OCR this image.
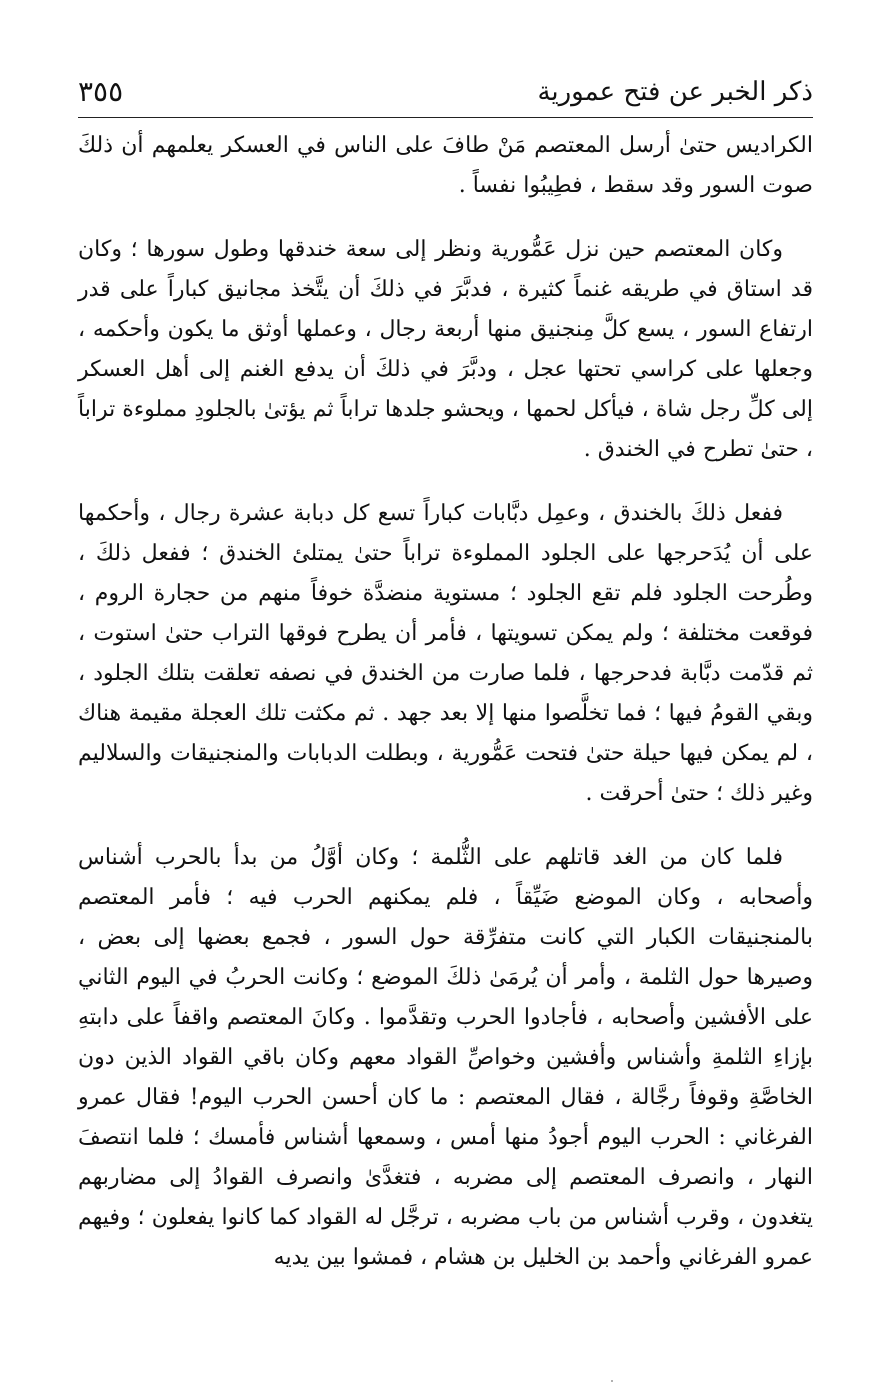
ذكر الخبر عن فتح عمورية
٣٥٥

الكراديس حتىٰ أرسل المعتصم مَنْ طافَ على الناس في العسكر يعلمهم أن ذلكَ صوت السور وقد سقط ، فطِيبُوا نفساً .

وكان المعتصم حين نزل عَمُّورية ونظر إلى سعة خندقها وطول سورها ؛ وكان قد استاق في طريقه غنماً كثيرة ، فدبَّرَ في ذلكَ أن يتَّخذ مجانيق كباراً على قدر ارتفاع السور ، يسع كلَّ مِنجنيق منها أربعة رجال ، وعملها أوثق ما يكون وأحكمه ، وجعلها على كراسي تحتها عجل ، ودبَّرَ في ذلكَ أن يدفع الغنم إلى أهل العسكر إلى كلِّ رجل شاة ، فيأكل لحمها ، ويحشو جلدها تراباً ثم يؤتىٰ بالجلودِ مملوءة تراباً ، حتىٰ تطرح في الخندق .

ففعل ذلكَ بالخندق ، وعمِل دبَّابات كباراً تسع كل دبابة عشرة رجال ، وأحكمها على أن يُدَحرجها على الجلود المملوءة تراباً حتىٰ يمتلئ الخندق ؛ ففعل ذلكَ ، وطُرحت الجلود فلم تقع الجلود ؛ مستوية منضدَّة خوفاً منهم من حجارة الروم ، فوقعت مختلفة ؛ ولم يمكن تسويتها ، فأمر أن يطرح فوقها التراب حتىٰ استوت ، ثم قدّمت دبَّابة فدحرجها ، فلما صارت من الخندق في نصفه تعلقت بتلك الجلود ، وبقي القومُ فيها ؛ فما تخلَّصوا منها إلا بعد جهد . ثم مكثت تلك العجلة مقيمة هناك ، لم يمكن فيها حيلة حتىٰ فتحت عَمُّورية ، وبطلت الدبابات والمنجنيقات والسلاليم وغير ذلك ؛ حتىٰ أحرقت .

فلما كان من الغد قاتلهم على الثُّلمة ؛ وكان أوَّلُ من بدأ بالحرب أشناس وأصحابه ، وكان الموضع ضَيِّقاً ، فلم يمكنهم الحرب فيه ؛ فأمر المعتصم بالمنجنيقات الكبار التي كانت متفرِّقة حول السور ، فجمع بعضها إلى بعض ، وصيرها حول الثلمة ، وأمر أن يُرمَىٰ ذلكَ الموضع ؛ وكانت الحربُ في اليوم الثاني على الأفشين وأصحابه ، فأجادوا الحرب وتقدَّموا . وكانَ المعتصم واقفاً على دابتهِ بإزاءِ الثلمةِ وأشناس وأفشين وخواصِّ القواد معهم وكان باقي القواد الذين دون الخاصَّةِ وقوفاً رجَّالة ، فقال المعتصم : ما كان أحسن الحرب اليوم! فقال عمرو الفرغاني : الحرب اليوم أجودُ منها أمس ، وسمعها أشناس فأمسك ؛ فلما انتصفَ النهار ، وانصرف المعتصم إلى مضربه ، فتغدَّىٰ وانصرف القوادُ إلى مضاربهم يتغدون ، وقرب أشناس من باب مضربه ، ترجَّل له القواد كما كانوا يفعلون ؛ وفيهم عمرو الفرغاني وأحمد بن الخليل بن هشام ، فمشوا بين يديه
